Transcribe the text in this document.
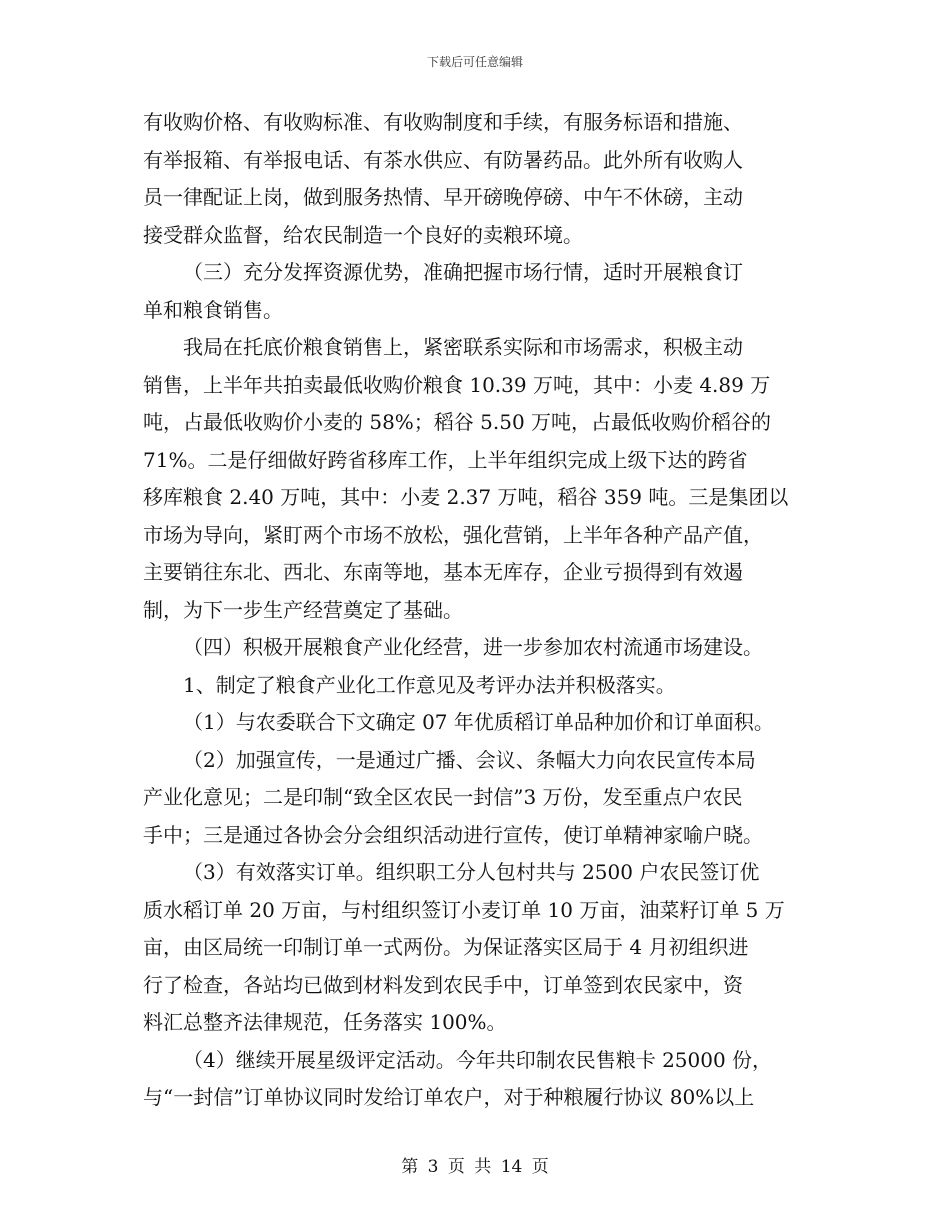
下载后可任意编辑
有收购价格、有收购标准、有收购制度和手续，有服务标语和措施、
有举报箱、有举报电话、有茶水供应、有防暑药品。此外所有收购人
员一律配证上岗，做到服务热情、早开磅晚停磅、中午不休磅，主动
接受群众监督，给农民制造一个良好的卖粮环境。
（三）充分发挥资源优势，准确把握市场行情，适时开展粮食订
单和粮食销售。
我局在托底价粮食销售上，紧密联系实际和市场需求，积极主动
销售，上半年共拍卖最低收购价粮食 10.39 万吨，其中：小麦 4.89 万
吨，占最低收购价小麦的 58%；稻谷 5.50 万吨，占最低收购价稻谷的
71%。二是仔细做好跨省移库工作，上半年组织完成上级下达的跨省
移库粮食 2.40 万吨，其中：小麦 2.37 万吨，稻谷 359 吨。三是集团以
市场为导向，紧盯两个市场不放松，强化营销，上半年各种产品产值，
主要销往东北、西北、东南等地，基本无库存，企业亏损得到有效遏
制，为下一步生产经营奠定了基础。
（四）积极开展粮食产业化经营，进一步参加农村流通市场建设。
1、制定了粮食产业化工作意见及考评办法并积极落实。
（1）与农委联合下文确定 07 年优质稻订单品种加价和订单面积。
（2）加强宣传，一是通过广播、会议、条幅大力向农民宣传本局
产业化意见；二是印制“致全区农民一封信”3 万份，发至重点户农民
手中；三是通过各协会分会组织活动进行宣传，使订单精神家喻户晓。
（3）有效落实订单。组织职工分人包村共与 2500 户农民签订优
质水稻订单 20 万亩，与村组织签订小麦订单 10 万亩，油菜籽订单 5 万
亩，由区局统一印制订单一式两份。为保证落实区局于 4 月初组织进
行了检查，各站均已做到材料发到农民手中，订单签到农民家中，资
料汇总整齐法律规范，任务落实 100%。
（4）继续开展星级评定活动。今年共印制农民售粮卡 25000 份，
与“一封信”订单协议同时发给订单农户，对于种粮履行协议 80%以上
第 3 页 共 14 页
